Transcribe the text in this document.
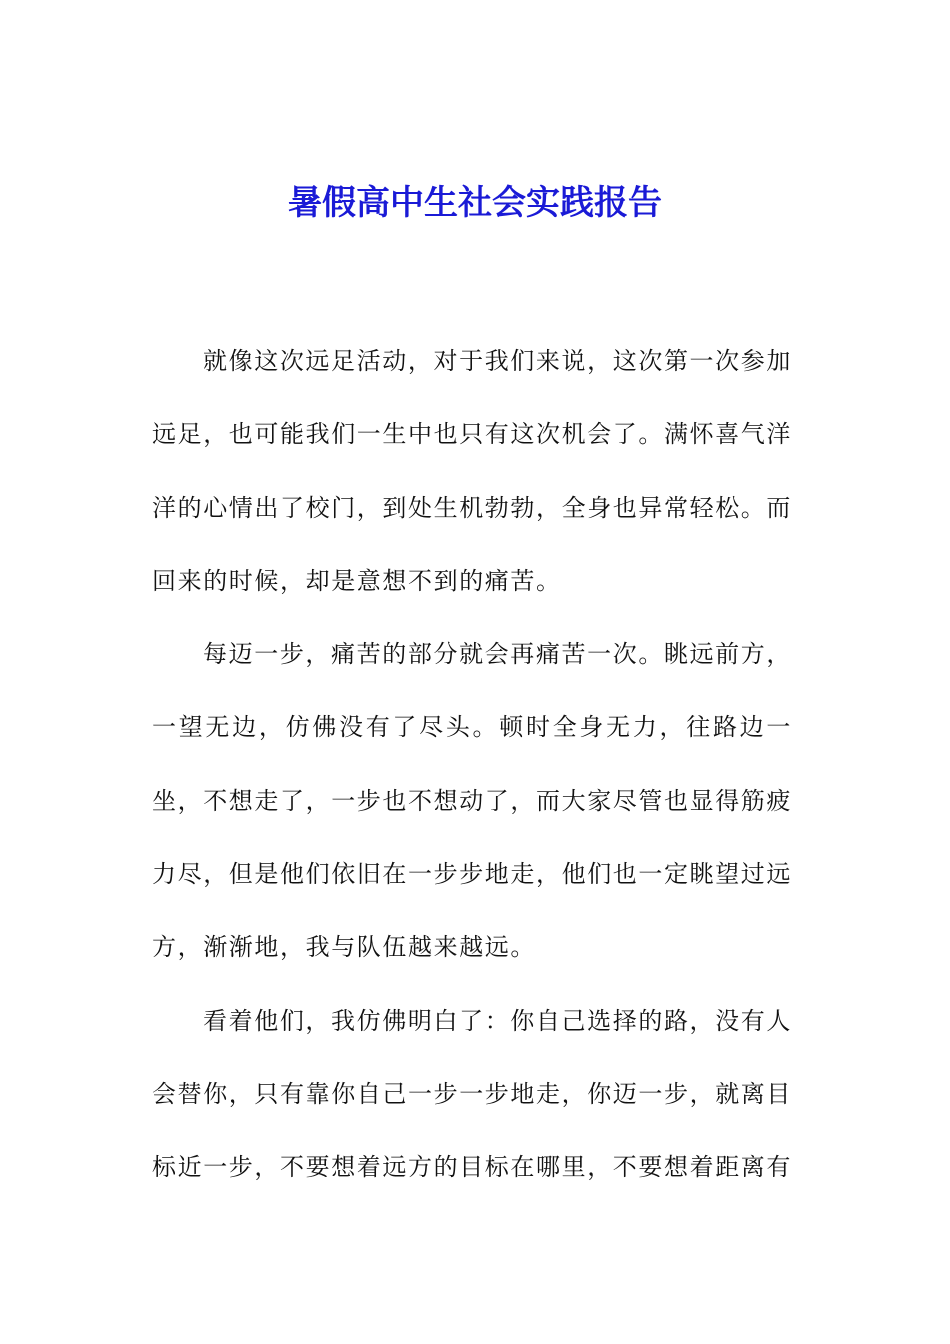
暑假高中生社会实践报告

就像这次远足活动，对于我们来说，这次第一次参加远足，也可能我们一生中也只有这次机会了。满怀喜气洋洋的心情出了校门，到处生机勃勃，全身也异常轻松。而回来的时候，却是意想不到的痛苦。

每迈一步，痛苦的部分就会再痛苦一次。眺远前方，一望无边，仿佛没有了尽头。顿时全身无力，往路边一坐，不想走了，一步也不想动了，而大家尽管也显得筋疲力尽，但是他们依旧在一步步地走，他们也一定眺望过远方，渐渐地，我与队伍越来越远。

看着他们，我仿佛明白了：你自己选择的路，没有人会替你，只有靠你自己一步一步地走，你迈一步，就离目标近一步，不要想着远方的目标在哪里，不要想着距离有
